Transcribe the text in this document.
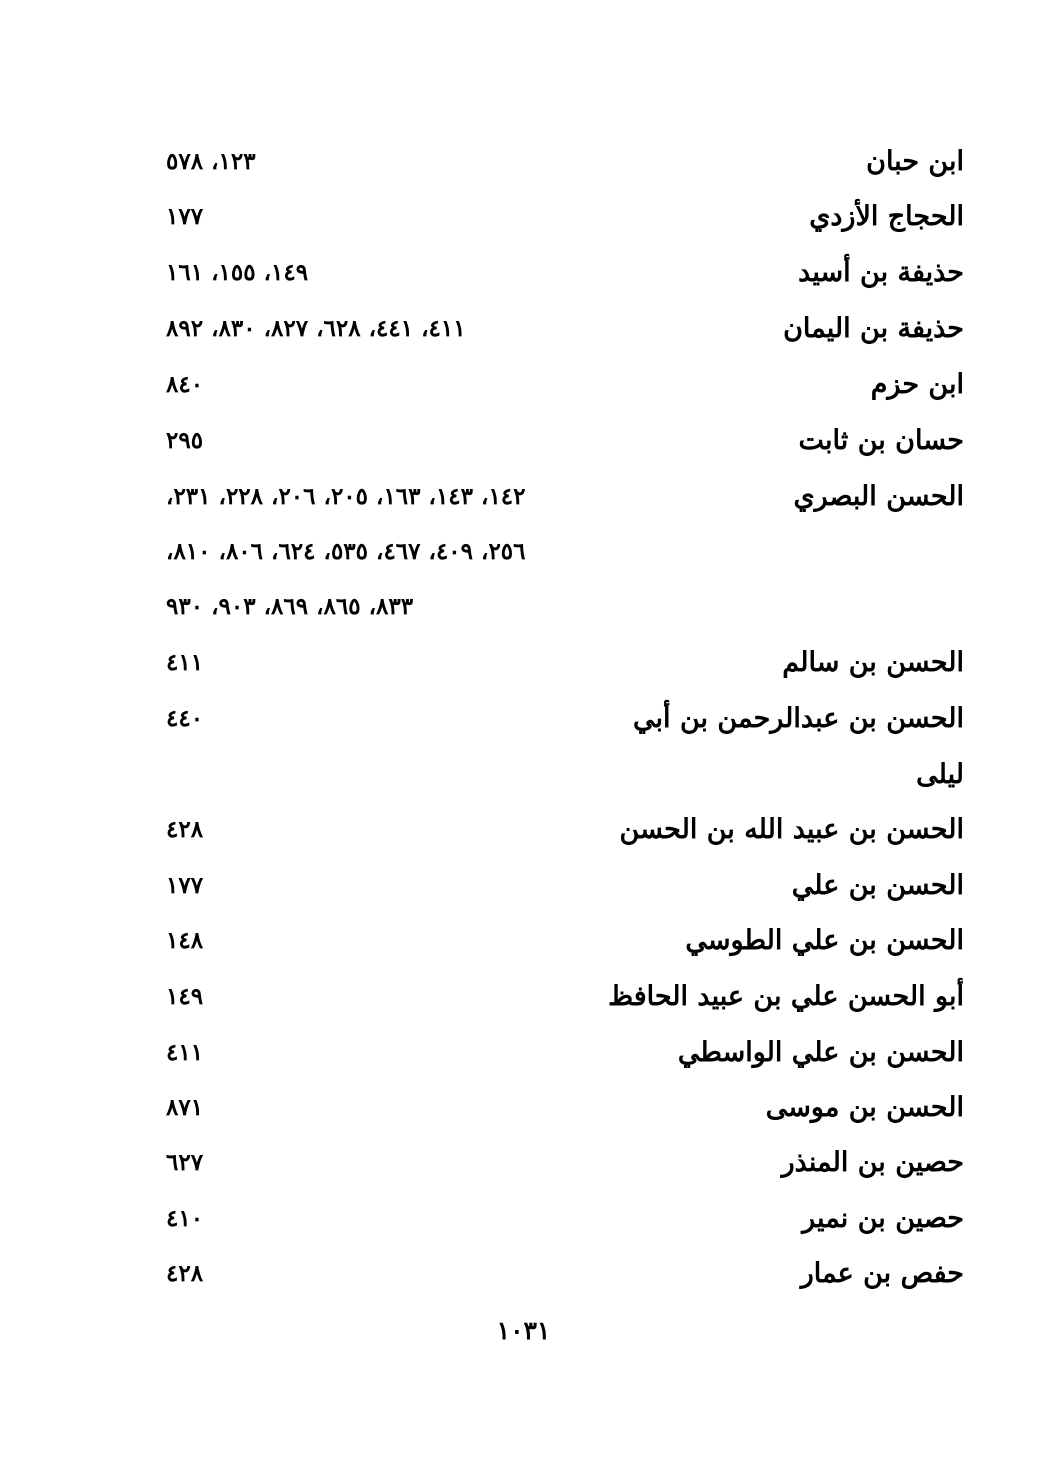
ابن حبان
١٢٣، ٥٧٨
الحجاج الأزدي
١٧٧
حذيفة بن أسيد
١٤٩، ١٥٥، ١٦١
حذيفة بن اليمان
٤١١، ٤٤١، ٦٢٨، ٨٢٧، ٨٣٠، ٨٩٢
ابن حزم
٨٤٠
حسان بن ثابت
٢٩٥
الحسن البصري
١٤٢، ١٤٣، ١٦٣، ٢٠٥، ٢٠٦، ٢٢٨، ٢٣١،
٢٥٦، ٤٠٩، ٤٦٧، ٥٣٥، ٦٢٤، ٨٠٦، ٨١٠،
٨٣٣، ٨٦٥، ٨٦٩، ٩٠٣، ٩٣٠
الحسن بن سالم
٤١١
الحسن بن عبدالرحمن بن أبي
٤٤٠
ليلى
الحسن بن عبيد الله بن الحسن
٤٢٨
الحسن بن علي
١٧٧
الحسن بن علي الطوسي
١٤٨
أبو الحسن علي بن عبيد الحافظ
١٤٩
الحسن بن علي الواسطي
٤١١
الحسن بن موسى
٨٧١
حصين بن المنذر
٦٢٧
حصين بن نمير
٤١٠
حفص بن عمار
٤٢٨
١٠٣١
